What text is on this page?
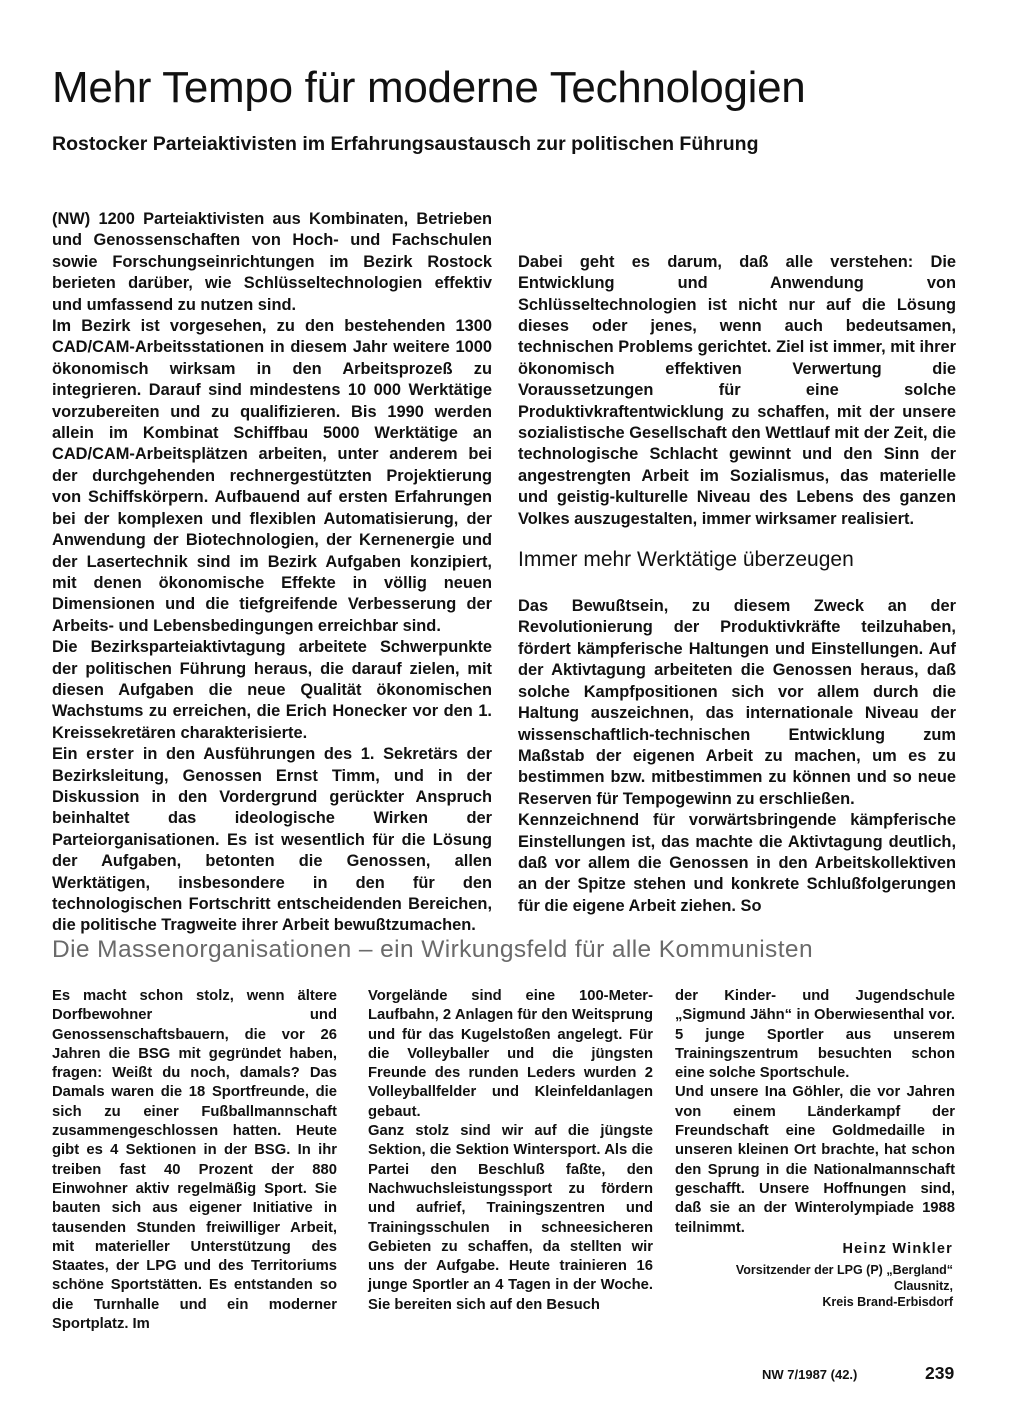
Mehr Tempo für moderne Technologien
Rostocker Parteiaktivisten im Erfahrungsaustausch zur politischen Führung

(NW) 1200 Parteiaktivisten aus Kombinaten, Betrieben und Genossenschaften von Hoch- und Fachschulen sowie Forschungseinrichtungen im Bezirk Rostock berieten darüber, wie Schlüsseltechnologien effektiv und umfassend zu nutzen sind.

Im Bezirk ist vorgesehen, zu den bestehenden 1300 CAD/CAM-Arbeitsstationen in diesem Jahr weitere 1000 ökonomisch wirksam in den Arbeitsprozeß zu integrieren. Darauf sind mindestens 10 000 Werktätige vorzubereiten und zu qualifizieren. Bis 1990 werden allein im Kombinat Schiffbau 5000 Werktätige an CAD/CAM-Arbeitsplätzen arbeiten, unter anderem bei der durchgehenden rechnergestützten Projektierung von Schiffskörpern. Aufbauend auf ersten Erfahrungen bei der komplexen und flexiblen Automatisierung, der Anwendung der Biotechnologien, der Kernenergie und der Lasertechnik sind im Bezirk Aufgaben konzipiert, mit denen ökonomische Effekte in völlig neuen Dimensionen und die tiefgreifende Verbesserung der Arbeits- und Lebensbedingungen erreichbar sind.

Die Bezirksparteiaktivtagung arbeitete Schwerpunkte der politischen Führung heraus, die darauf zielen, mit diesen Aufgaben die neue Qualität ökonomischen Wachstums zu erreichen, die Erich Honecker vor den 1. Kreissekretären charakterisierte.

Ein erster in den Ausführungen des 1. Sekretärs der Bezirksleitung, Genossen Ernst Timm, und in der Diskussion in den Vordergrund gerückter Anspruch beinhaltet das ideologische Wirken der Parteiorganisationen. Es ist wesentlich für die Lösung der Aufgaben, betonten die Genossen, allen Werktätigen, insbesondere in den für den technologischen Fortschritt entscheidenden Bereichen, die politische Tragweite ihrer Arbeit bewußtzumachen.

Dabei geht es darum, daß alle verstehen: Die Entwicklung und Anwendung von Schlüsseltechnologien ist nicht nur auf die Lösung dieses oder jenes, wenn auch bedeutsamen, technischen Problems gerichtet. Ziel ist immer, mit ihrer ökonomisch effektiven Verwertung die Voraussetzungen für eine solche Produktivkraftentwicklung zu schaffen, mit der unsere sozialistische Gesellschaft den Wettlauf mit der Zeit, die technologische Schlacht gewinnt und den Sinn der angestrengten Arbeit im Sozialismus, das materielle und geistig-kulturelle Niveau des Lebens des ganzen Volkes auszugestalten, immer wirksamer realisiert.

Immer mehr Werktätige überzeugen

Das Bewußtsein, zu diesem Zweck an der Revolutionierung der Produktivkräfte teilzuhaben, fördert kämpferische Haltungen und Einstellungen. Auf der Aktivtagung arbeiteten die Genossen heraus, daß solche Kampfpositionen sich vor allem durch die Haltung auszeichnen, das internationale Niveau der wissenschaftlich-technischen Entwicklung zum Maßstab der eigenen Arbeit zu machen, um es zu bestimmen bzw. mitbestimmen zu können und so neue Reserven für Tempogewinn zu erschließen.

Kennzeichnend für vorwärtsbringende kämpferische Einstellungen ist, das machte die Aktivtagung deutlich, daß vor allem die Genossen in den Arbeitskollektiven an der Spitze stehen und konkrete Schlußfolgerungen für die eigene Arbeit ziehen. So

Die Massenorganisationen – ein Wirkungsfeld für alle Kommunisten

Es macht schon stolz, wenn ältere Dorfbewohner und Genossenschaftsbauern, die vor 26 Jahren die BSG mit gegründet haben, fragen: Weißt du noch, damals? Das Damals waren die 18 Sportfreunde, die sich zu einer Fußballmannschaft zusammengeschlossen hatten. Heute gibt es 4 Sektionen in der BSG. In ihr treiben fast 40 Prozent der 880 Einwohner aktiv regelmäßig Sport. Sie bauten sich aus eigener Initiative in tausenden Stunden freiwilliger Arbeit, mit materieller Unterstützung des Staates, der LPG und des Territoriums schöne Sportstätten. Es entstanden so die Turnhalle und ein moderner Sportplatz. Im

Vorgelände sind eine 100-Meter-Laufbahn, 2 Anlagen für den Weitsprung und für das Kugelstoßen angelegt. Für die Volleyballer und die jüngsten Freunde des runden Leders wurden 2 Volleyballfelder und Kleinfeldanlagen gebaut.

Ganz stolz sind wir auf die jüngste Sektion, die Sektion Wintersport. Als die Partei den Beschluß faßte, den Nachwuchsleistungssport zu fördern und aufrief, Trainingszentren und Trainingsschulen in schneesicheren Gebieten zu schaffen, da stellten wir uns der Aufgabe. Heute trainieren 16 junge Sportler an 4 Tagen in der Woche. Sie bereiten sich auf den Besuch

der Kinder- und Jugendschule „Sigmund Jähn“ in Oberwiesenthal vor. 5 junge Sportler aus unserem Trainingszentrum besuchten schon eine solche Sportschule.

Und unsere Ina Göhler, die vor Jahren von einem Länderkampf der Freundschaft eine Goldmedaille in unseren kleinen Ort brachte, hat schon den Sprung in die Nationalmannschaft geschafft. Unsere Hoffnungen sind, daß sie an der Winterolympiade 1988 teilnimmt.

Heinz Winkler
Vorsitzender der LPG (P) „Bergland“
Clausnitz,
Kreis Brand-Erbisdorf
NW 7/1987 (42.)	239
